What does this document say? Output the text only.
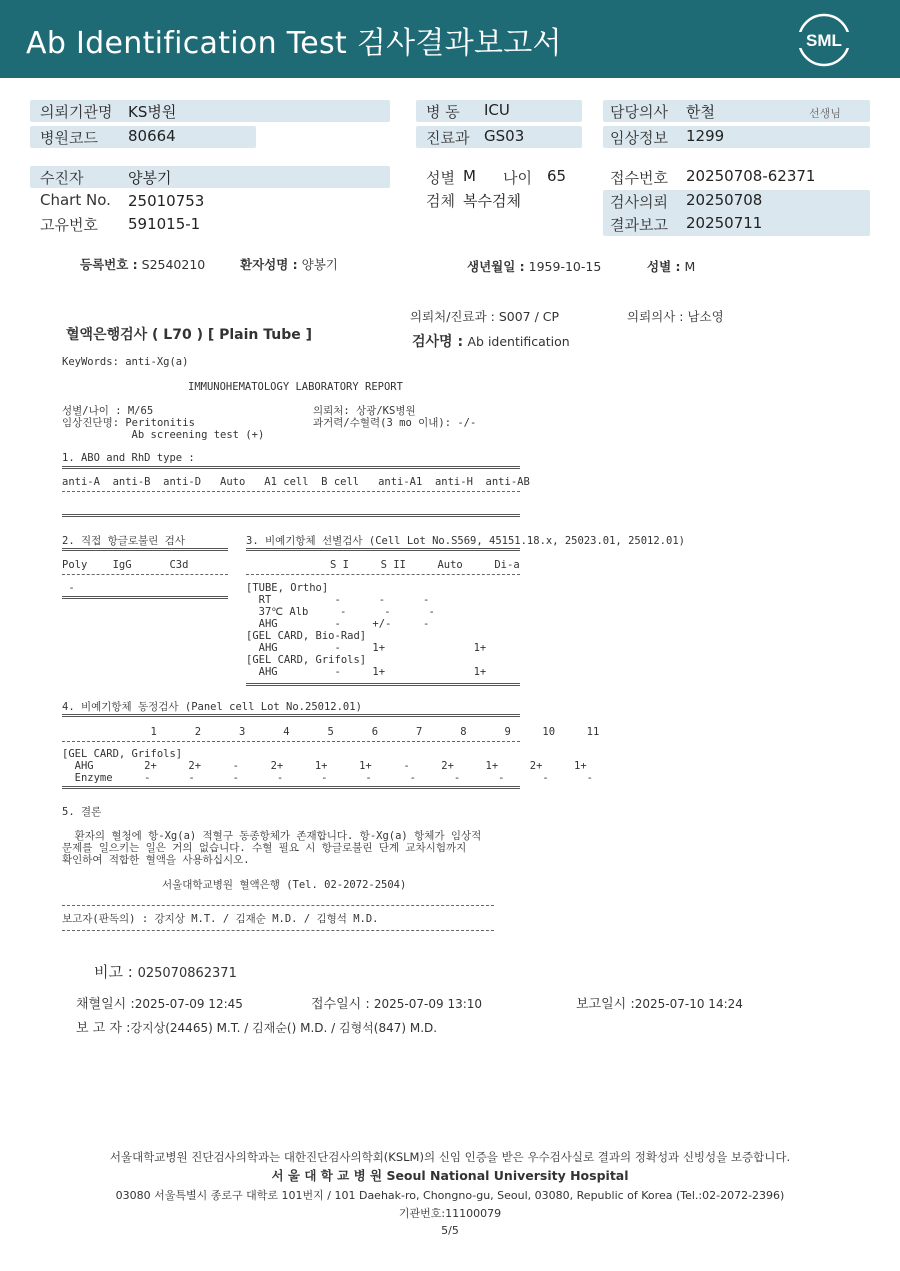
Ab Identification Test 검사결과보고서	SML
의뢰기관명 KS병원
병원코드 80664
수진자	양봉기
Chart No. 25010753
고유번호 591015-1
병 동 ICU
진료과 GS03
성별 M 나이 65
검체 복수검체
담당의사 한철	선생님
임상정보 1299
접수번호 20250708-62371
검사의뢰 20250708
결과보고 20250711
등록번호 : S2540210	환자성명 : 양봉기	생년월일 : 1959-10-15	성별 : M
의뢰처/진료과 : S007 / CP	의뢰의사 : 남소영
혈액은행검사 ( L70 ) [ Plain Tube ]	검사명 : Ab identification
KeyWords: anti-Xg(a)
IMMUNOHEMATOLOGY LABORATORY REPORT
성별/나이 : M/65
임상진단명: Peritonitis
Ab screening test (+)
의뢰처: 상광/KS병원
과거력/수혈력(3 mo 이내): -/-
1. ABO and RhD type :
anti-A  anti-B  anti-D   Auto   A1 cell  B cell   anti-A1  anti-H  anti-AB
2. 직접 항글로불린 검사
Poly    IgG      C3d
-
3. 비예기항체 선별검사 (Cell Lot No.S569, 45151.18.x, 25023.01, 25012.01)
S I     S II     Auto     Di-a
[TUBE, Ortho]
RT          -      -      -
37℃ Alb     -      -      -
AHG         -     +/-     -
[GEL CARD, Bio-Rad]
AHG         -     1+              1+
[GEL CARD, Grifols]
AHG         -     1+              1+
4. 비예기항체 동정검사 (Panel cell Lot No.25012.01)
1      2      3      4      5      6      7      8      9     10     11
[GEL CARD, Grifols]
AHG        2+     2+     -     2+     1+     1+     -     2+     1+     2+     1+
Enzyme     -      -      -      -      -      -      -      -      -      -      -
5. 결론
환자의 혈청에 항-Xg(a) 적혈구 동종항체가 존재합니다. 항-Xg(a) 항체가 임상적
문제를 일으키는 일은 거의 없습니다. 수혈 필요 시 항글로불린 단계 교차시험까지
확인하여 적합한 혈액을 사용하십시오.
서울대학교병원 혈액은행 (Tel. 02-2072-2504)
보고자(판독의) : 강지상 M.T. / 김재순 M.D. / 김형석 M.D.
비고 : 025070862371
채혈일시 :2025-07-09 12:45	접수일시 : 2025-07-09 13:10	보고일시 :2025-07-10 14:24
보 고 자 :강지상(24465) M.T. / 김재순() M.D. / 김형석(847) M.D.
서울대학교병원 진단검사의학과는 대한진단검사의학회(KSLM)의 신임 인증을 받은 우수검사실로 결과의 정확성과 신빙성을 보증합니다.
서 울 대 학 교 병 원 Seoul National University Hospital
03080 서울특별시 종로구 대학로 101번지 / 101 Daehak-ro, Chongno-gu, Seoul, 03080, Republic of Korea (Tel.:02-2072-2396)
기관번호:11100079
5/5
